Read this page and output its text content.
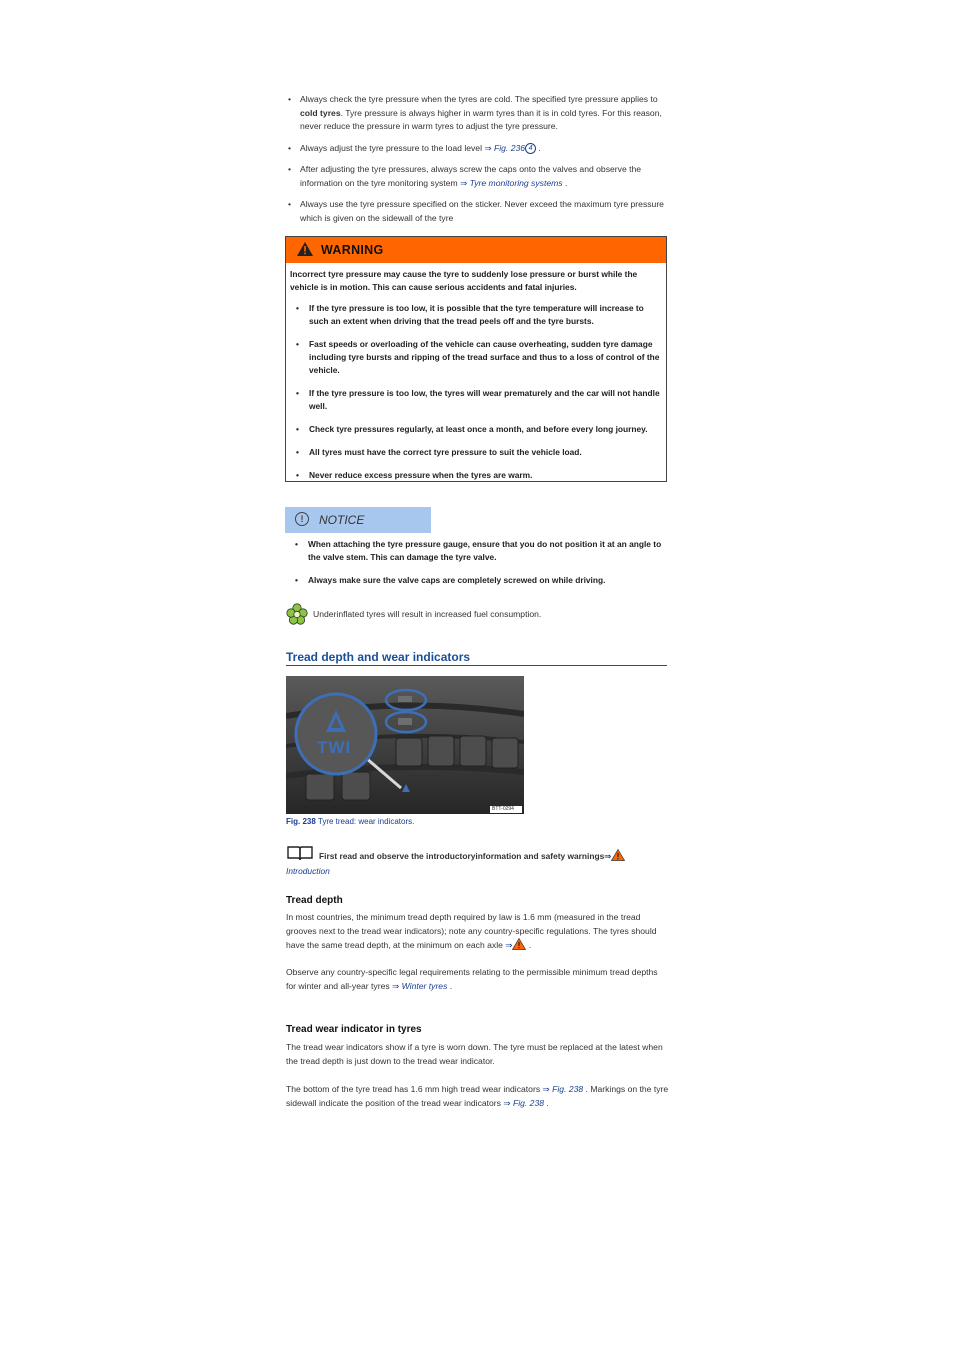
• Always check the tyre pressure when the tyres are cold. The specified tyre pressure applies to cold tyres. Tyre pressure is always higher in warm tyres than it is in cold tyres. For this reason, never reduce the pressure in warm tyres to adjust the tyre pressure.
• Always adjust the tyre pressure to the load level ⇒ Fig. 236 4 .
• After adjusting the tyre pressures, always screw the caps onto the valves and observe the information on the tyre monitoring system ⇒ Tyre monitoring systems .
• Always use the tyre pressure specified on the sticker. Never exceed the maximum tyre pressure which is given on the sidewall of the tyre
WARNING

Incorrect tyre pressure may cause the tyre to suddenly lose pressure or burst while the vehicle is in motion. This can cause serious accidents and fatal injuries.

• If the tyre pressure is too low, it is possible that the tyre temperature will increase to such an extent when driving that the tread peels off and the tyre bursts.
• Fast speeds or overloading of the vehicle can cause overheating, sudden tyre damage including tyre bursts and ripping of the tread surface and thus to a loss of control of the vehicle.
• If the tyre pressure is too low, the tyres will wear prematurely and the car will not handle well.
• Check tyre pressures regularly, at least once a month, and before every long journey.
• All tyres must have the correct tyre pressure to suit the vehicle load.
• Never reduce excess pressure when the tyres are warm.
!	NOTICE
• When attaching the tyre pressure gauge, ensure that you do not position it at an angle to the valve stem. This can damage the tyre valve.
• Always make sure the valve caps are completely screwed on while driving.
Underinflated tyres will result in increased fuel consumption.
Tread depth and wear indicators
TWI
BTT-0294
Fig. 238 Tyre tread: wear indicators.
First read and observe the introductoryinformation and safety warnings⇒
Introduction
Tread depth
In most countries, the minimum tread depth required by law is 1.6 mm (measured in the tread grooves next to the tread wear indicators); note any country-specific regulations. The tyres should have the same tread depth, at the minimum on each axle ⇒ .
Observe any country-specific legal requirements relating to the permissible minimum tread depths for winter and all-year tyres ⇒ Winter tyres .
Tread wear indicator in tyres
The tread wear indicators show if a tyre is worn down. The tyre must be replaced at the latest when the tread depth is just down to the tread wear indicator.
The bottom of the tyre tread has 1.6 mm high tread wear indicators ⇒ Fig. 238 . Markings on the tyre sidewall indicate the position of the tread wear indicators ⇒ Fig. 238 .
